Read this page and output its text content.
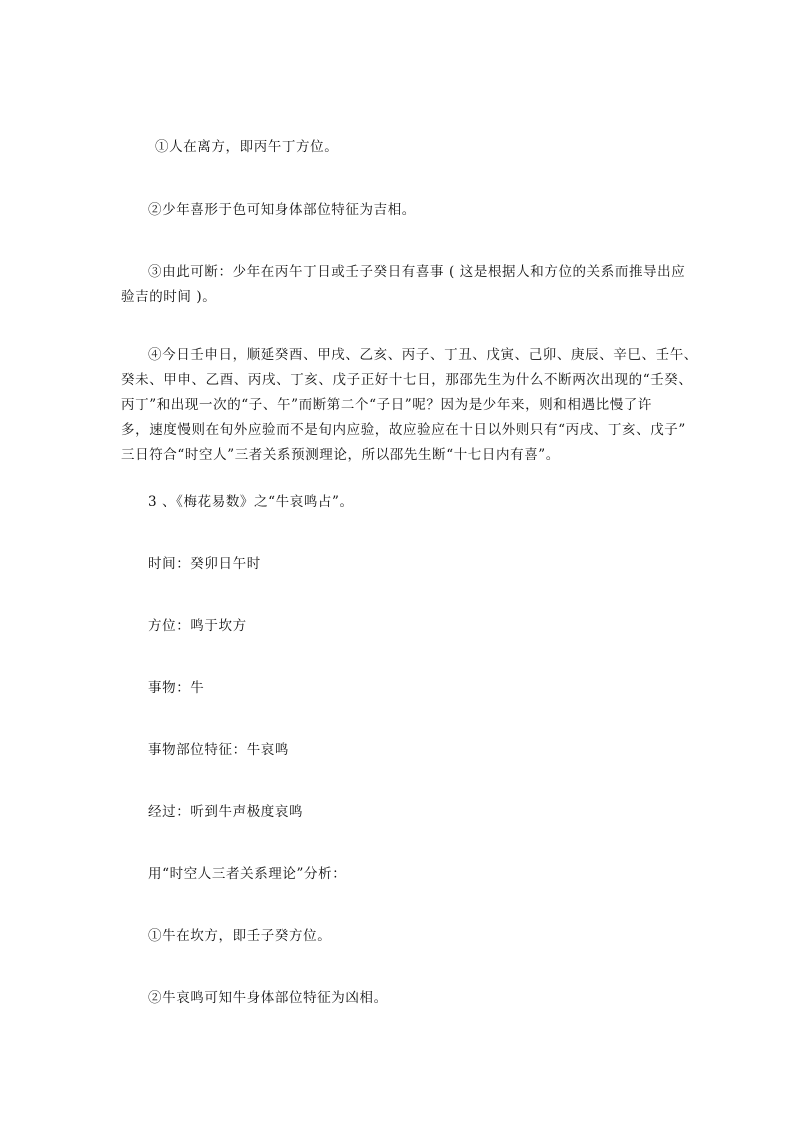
①人在离方，即丙午丁方位。

②少年喜形于色可知身体部位特征为吉相。

③由此可断：少年在丙午丁日或壬子癸日有喜事 ( 这是根据人和方位的关系而推导出应
验吉的时间 )。
④今日壬申日，顺延癸酉、甲戌、乙亥、丙子、丁丑、戊寅、己卯、庚辰、辛巳、壬午、
癸未、甲申、乙酉、丙戌、丁亥、戊子正好十七日，那邵先生为什么不断两次出现的“壬癸、
丙丁”和出现一次的“子、午”而断第二个“子日”呢？因为是少年来，则和相遇比慢了许
多，速度慢则在旬外应验而不是旬内应验，故应验应在十日以外则只有“丙戌、丁亥、戊子”
三日符合“时空人”三者关系预测理论，所以邵先生断“十七日内有喜”。

3 、《梅花易数》之“牛哀鸣占”。

时间：癸卯日午时

方位：鸣于坎方

事物：牛

事物部位特征：牛哀鸣

经过：听到牛声极度哀鸣

用“时空人三者关系理论”分析：

①牛在坎方，即壬子癸方位。

②牛哀鸣可知牛身体部位特征为凶相。
